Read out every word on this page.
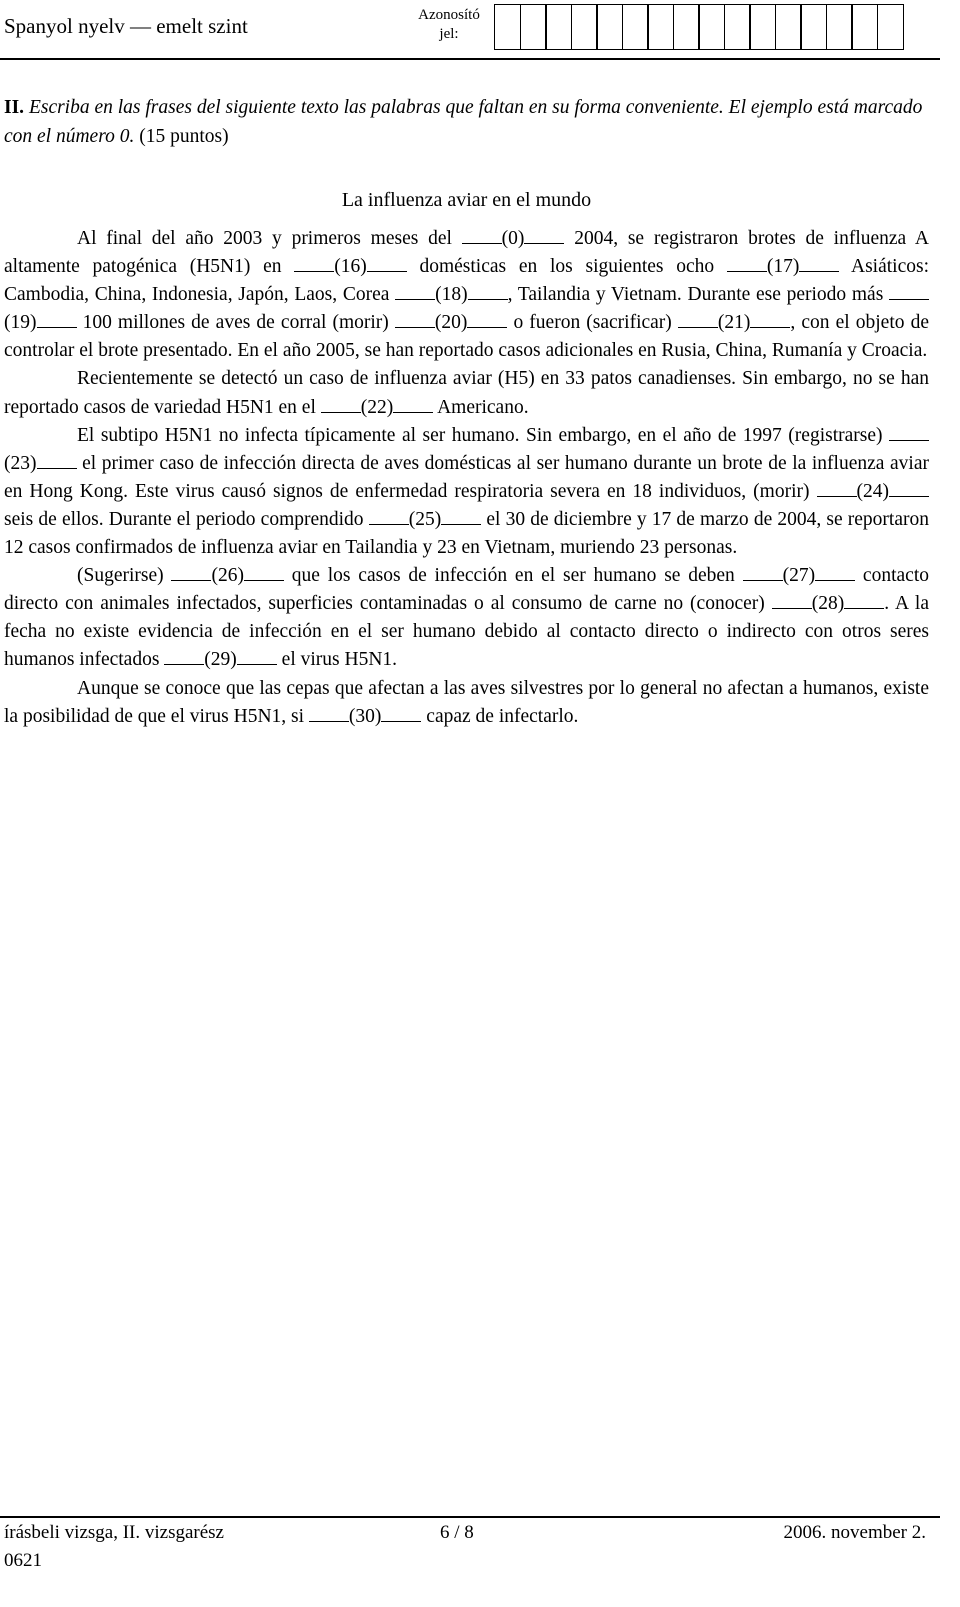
Spanyol nyelv — emelt szint	Azonosító jel:

II. Escriba en las frases del siguiente texto las palabras que faltan en su forma conveniente. El ejemplo está marcado con el número 0. (15 puntos)

La influenza aviar en el mundo

Al final del año 2003 y primeros meses del (0) 2004, se registraron brotes de influenza A altamente patogénica (H5N1) en (16) domésticas en los siguientes ocho (17) Asiáticos: Cambodia, China, Indonesia, Japón, Laos, Corea (18) , Tailandia y Vietnam. Durante ese periodo más (19) 100 millones de aves de corral (morir) (20) o fueron (sacrificar) (21) , con el objeto de controlar el brote presentado. En el año 2005, se han reportado casos adicionales en Rusia, China, Rumanía y Croacia.

Recientemente se detectó un caso de influenza aviar (H5) en 33 patos canadienses. Sin embargo, no se han reportado casos de variedad H5N1 en el (22) Americano.

El subtipo H5N1 no infecta típicamente al ser humano. Sin embargo, en el año de 1997 (registrarse) (23) el primer caso de infección directa de aves domésticas al ser humano durante un brote de la influenza aviar en Hong Kong. Este virus causó signos de enfermedad respiratoria severa en 18 individuos, (morir) (24) seis de ellos. Durante el periodo comprendido (25) el 30 de diciembre y 17 de marzo de 2004, se reportaron 12 casos confirmados de influenza aviar en Tailandia y 23 en Vietnam, muriendo 23 personas.

(Sugerirse) (26) que los casos de infección en el ser humano se deben (27) contacto directo con animales infectados, superficies contaminadas o al consumo de carne no (conocer) (28) . A la fecha no existe evidencia de infección en el ser humano debido al contacto directo o indirecto con otros seres humanos infectados (29) el virus H5N1.

Aunque se conoce que las cepas que afectan a las aves silvestres por lo general no afectan a humanos, existe la posibilidad de que el virus H5N1, si (30) capaz de infectarlo.

írásbeli vizsga, II. vizsgarész	6 / 8	2006. november 2.
0621
